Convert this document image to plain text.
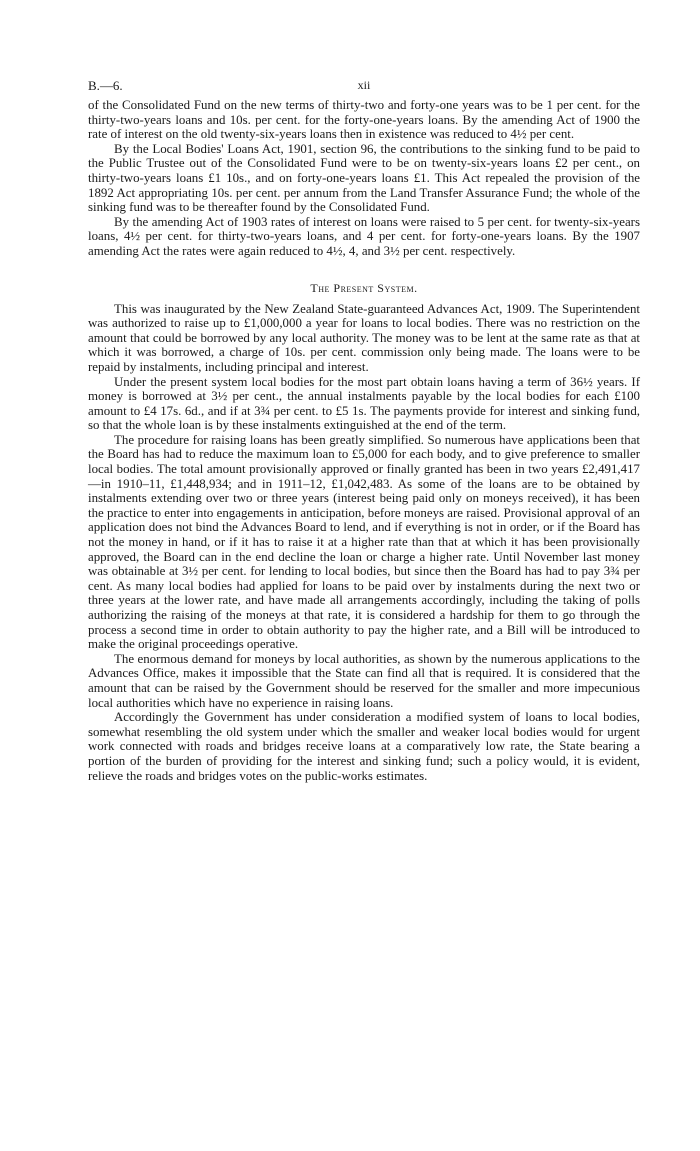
B.—6.	xii

of the Consolidated Fund on the new terms of thirty-two and forty-one years was to be 1 per cent. for the thirty-two-years loans and 10s. per cent. for the forty-one-years loans. By the amending Act of 1900 the rate of interest on the old twenty-six-years loans then in existence was reduced to 4½ per cent.

By the Local Bodies' Loans Act, 1901, section 96, the contributions to the sinking fund to be paid to the Public Trustee out of the Consolidated Fund were to be on twenty-six-years loans £2 per cent., on thirty-two-years loans £1 10s., and on forty-one-years loans £1. This Act repealed the provision of the 1892 Act appropriating 10s. per cent. per annum from the Land Transfer Assurance Fund; the whole of the sinking fund was to be thereafter found by the Consolidated Fund.

By the amending Act of 1903 rates of interest on loans were raised to 5 per cent. for twenty-six-years loans, 4½ per cent. for thirty-two-years loans, and 4 per cent. for forty-one-years loans. By the 1907 amending Act the rates were again reduced to 4½, 4, and 3½ per cent. respectively.

The Present System.

This was inaugurated by the New Zealand State-guaranteed Advances Act, 1909. The Superintendent was authorized to raise up to £1,000,000 a year for loans to local bodies. There was no restriction on the amount that could be borrowed by any local authority. The money was to be lent at the same rate as that at which it was borrowed, a charge of 10s. per cent. commission only being made. The loans were to be repaid by instalments, including principal and interest.

Under the present system local bodies for the most part obtain loans having a term of 36½ years. If money is borrowed at 3½ per cent., the annual instalments payable by the local bodies for each £100 amount to £4 17s. 6d., and if at 3¾ per cent. to £5 1s. The payments provide for interest and sinking fund, so that the whole loan is by these instalments extinguished at the end of the term.

The procedure for raising loans has been greatly simplified. So numerous have applications been that the Board has had to reduce the maximum loan to £5,000 for each body, and to give preference to smaller local bodies. The total amount provisionally approved or finally granted has been in two years £2,491,417—in 1910–11, £1,448,934; and in 1911–12, £1,042,483. As some of the loans are to be obtained by instalments extending over two or three years (interest being paid only on moneys received), it has been the practice to enter into engagements in anticipation, before moneys are raised. Provisional approval of an application does not bind the Advances Board to lend, and if everything is not in order, or if the Board has not the money in hand, or if it has to raise it at a higher rate than that at which it has been provisionally approved, the Board can in the end decline the loan or charge a higher rate. Until November last money was obtainable at 3½ per cent. for lending to local bodies, but since then the Board has had to pay 3¾ per cent. As many local bodies had applied for loans to be paid over by instalments during the next two or three years at the lower rate, and have made all arrangements accordingly, including the taking of polls authorizing the raising of the moneys at that rate, it is considered a hardship for them to go through the process a second time in order to obtain authority to pay the higher rate, and a Bill will be introduced to make the original proceedings operative.

The enormous demand for moneys by local authorities, as shown by the numerous applications to the Advances Office, makes it impossible that the State can find all that is required. It is considered that the amount that can be raised by the Government should be reserved for the smaller and more impecunious local authorities which have no experience in raising loans.

Accordingly the Government has under consideration a modified system of loans to local bodies, somewhat resembling the old system under which the smaller and weaker local bodies would for urgent work connected with roads and bridges receive loans at a comparatively low rate, the State bearing a portion of the burden of providing for the interest and sinking fund; such a policy would, it is evident, relieve the roads and bridges votes on the public-works estimates.
